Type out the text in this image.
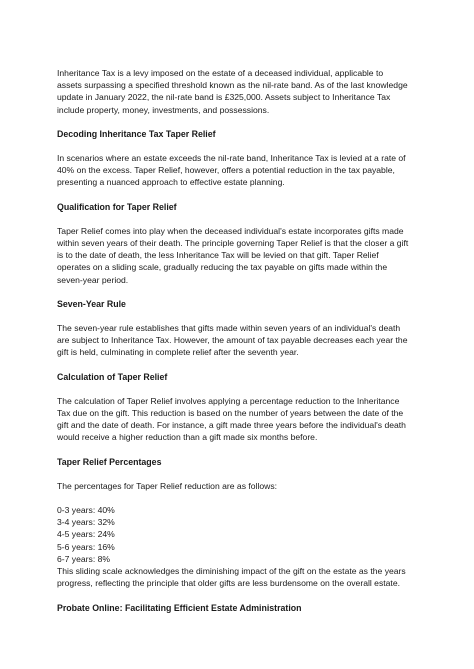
Inheritance Tax is a levy imposed on the estate of a deceased individual, applicable to
assets surpassing a specified threshold known as the nil-rate band. As of the last knowledge
update in January 2022, the nil-rate band is £325,000. Assets subject to Inheritance Tax
include property, money, investments, and possessions.

Decoding Inheritance Tax Taper Relief

In scenarios where an estate exceeds the nil-rate band, Inheritance Tax is levied at a rate of
40% on the excess. Taper Relief, however, offers a potential reduction in the tax payable,
presenting a nuanced approach to effective estate planning.

Qualification for Taper Relief

Taper Relief comes into play when the deceased individual's estate incorporates gifts made
within seven years of their death. The principle governing Taper Relief is that the closer a gift
is to the date of death, the less Inheritance Tax will be levied on that gift. Taper Relief
operates on a sliding scale, gradually reducing the tax payable on gifts made within the
seven-year period.

Seven-Year Rule

The seven-year rule establishes that gifts made within seven years of an individual's death
are subject to Inheritance Tax. However, the amount of tax payable decreases each year the
gift is held, culminating in complete relief after the seventh year.

Calculation of Taper Relief

The calculation of Taper Relief involves applying a percentage reduction to the Inheritance
Tax due on the gift. This reduction is based on the number of years between the date of the
gift and the date of death. For instance, a gift made three years before the individual's death
would receive a higher reduction than a gift made six months before.

Taper Relief Percentages

The percentages for Taper Relief reduction are as follows:

0-3 years: 40%
3-4 years: 32%
4-5 years: 24%
5-6 years: 16%
6-7 years: 8%

This sliding scale acknowledges the diminishing impact of the gift on the estate as the years
progress, reflecting the principle that older gifts are less burdensome on the overall estate.

Probate Online: Facilitating Efficient Estate Administration
